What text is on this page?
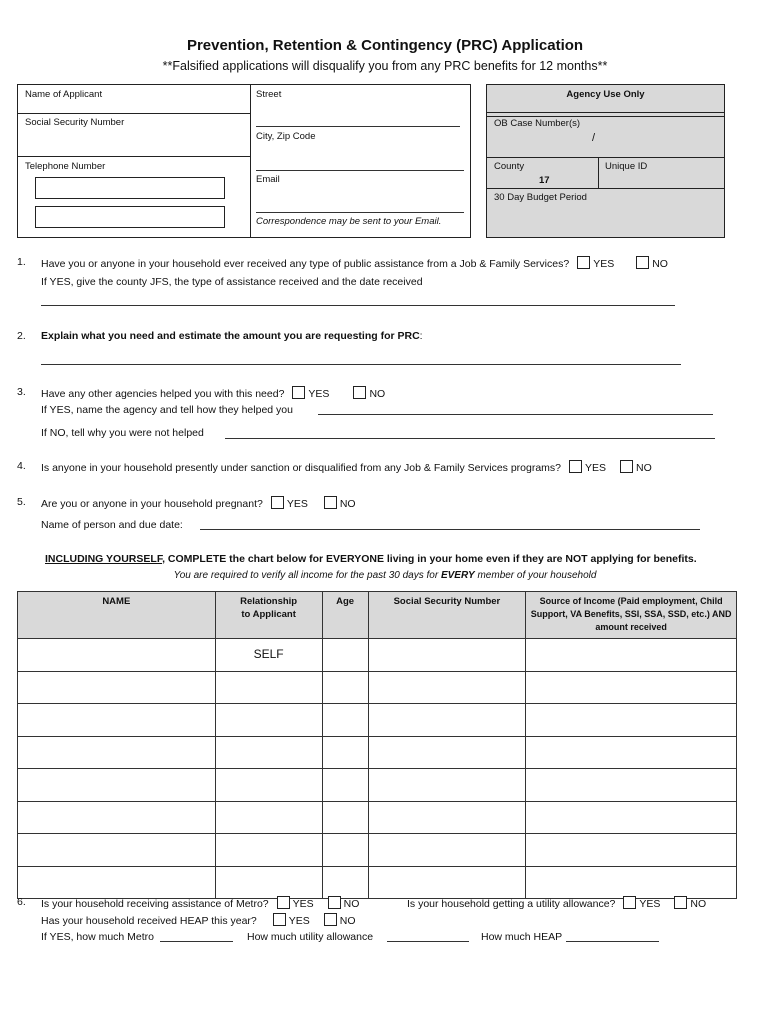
Prevention, Retention & Contingency (PRC) Application
**Falsified applications will disqualify you from any PRC benefits for 12 months**
Name of Applicant
Social Security Number
Telephone Number
Street
City, Zip Code
Email
Correspondence may be sent to your Email.
Agency Use Only
OB Case Number(s)
/
County
17
Unique ID
30 Day Budget Period
1. Have you or anyone in your household ever received any type of public assistance from a Job & Family Services? YES	NO
If YES, give the county JFS, the type of assistance received and the date received
2. Explain what you need and estimate the amount you are requesting for PRC:
3. Have any other agencies helped you with this need? YES	NO
If YES, name the agency and tell how they helped you
If NO, tell why you were not helped
4. Is anyone in your household presently under sanction or disqualified from any Job & Family Services programs? YES	NO
5. Are you or anyone in your household pregnant? YES	NO
Name of person and due date:
INCLUDING YOURSELF, COMPLETE the chart below for EVERYONE living in your home even if they are NOT applying for benefits.
You are required to verify all income for the past 30 days for EVERY member of your household
NAME	Relationship to Applicant	Age	Social Security Number	Source of Income (Paid employment, Child Support, VA Benefits, SSI, SSA, SSD, etc.) AND amount received
	SELF			

6. Is your household receiving assistance of Metro? YES	NO	Is your household getting a utility allowance? YES	NO
Has your household received HEAP this year?	YES	NO
If YES, how much Metro	How much utility allowance	How much HEAP
